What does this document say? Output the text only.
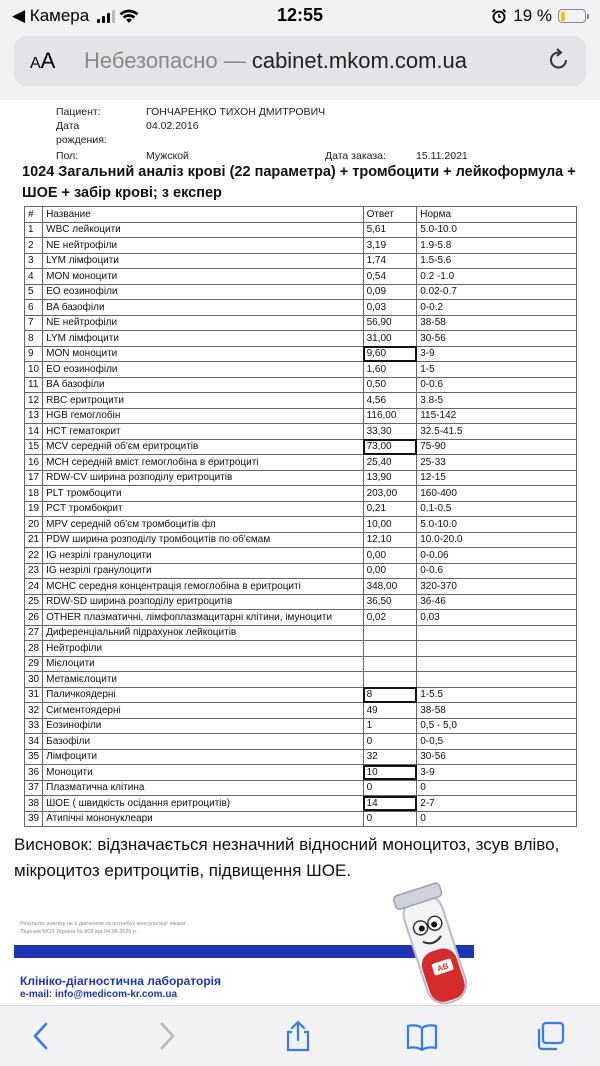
◀ Камера	12:55	19 %
AA Небезопасно — cabinet.mkom.com.ua
Пациент:	ГОНЧАРЕНКО ТИХОН ДМИТРОВИЧ
Дата	04.02.2016
рождения:
Пол:	Мужской	Дата заказа:	15.11.2021
1024 Загальний аналіз крові (22 параметра) + тромбоцити + лейкоформула + ШОЕ + забір крові; з експер
#	Название	Ответ	Норма
1	WBC лейкоцити	5,61	5.0-10.0
2	NE нейтрофіли	3,19	1.9-5.8
3	LYM лімфоцити	1,74	1.5-5.6
4	MON моноцити	0,54	0.2 -1.0
5	EO еозинофіли	0,09	0.02-0.7
6	BA базофіли	0,03	0-0.2
7	NE нейтрофіли	56,90	38-58
8	LYM лімфоцити	31,00	30-56
9	MON моноцити	9,60	3-9
10	EO еозинофіли	1,60	1-5
11	BA базофіли	0,50	0-0.6
12	RBC еритроцити	4,56	3.8-5
13	HGB гемоглобін	116,00	115-142
14	HCT гематокрит	33,30	32.5-41.5
15	MCV середній об'єм еритроцитів	73,00	75-90
16	MCH середній вміст гемоглобіна в еритроциті	25,40	25-33
17	RDW-CV ширина розподілу еритроцитів	13,90	12-15
18	PLT тромбоцити	203,00	160-400
19	PCT тромбокрит	0,21	0.1-0.5
20	MPV середній об'єм тромбоцитів фл	10,00	5.0-10.0
21	PDW ширина розподілу тромбоцитів по об'ємам	12,10	10.0-20.0
22	IG незрілі гранулоцити	0,00	0-0.06
23	IG незрілі гранулоцити	0,00	0-0.6
24	MCHC середня концентрація гемоглобіна в еритроциті	348,00	320-370
25	RDW-SD ширина розподілу еритроцитів	36,50	36-46
26	OTHER плазматичні, лімфоплазмацитарні клітини, імуноцити	0,02	0,03
27	Диференціальний підрахунок лейкоцитів		
28	Нейтрофіли		
29	Мієлоцити		
30	Метамієлоцити		
31	Паличкоядерні	8	1-5.5
32	Сигментоядерні	49	38-58
33	Еозинофіли	1	0,5 - 5,0
34	Базофіли	0	0-0,5
35	Лімфоцити	32	30-56
36	Моноцити	10	3-9
37	Плазматична клітина	0	0
38	ШОЕ ( швидкість осідання еритроцитів)	14	2-7
39	Атипічні мононуклеари	0	0
Висновок: відзначається незначний відносний моноцитоз, зсув вліво, мікроцитоз еритроцитів, підвищення ШОЕ.
Результат аналізу не є діагнозом та потребує консультації лікаря
Ліцензія МОЗ України № 809 від 04.08.2026 р.
Клініко-діагностична лабораторія
e-mail: info@medicom-kr.com.ua
AB
